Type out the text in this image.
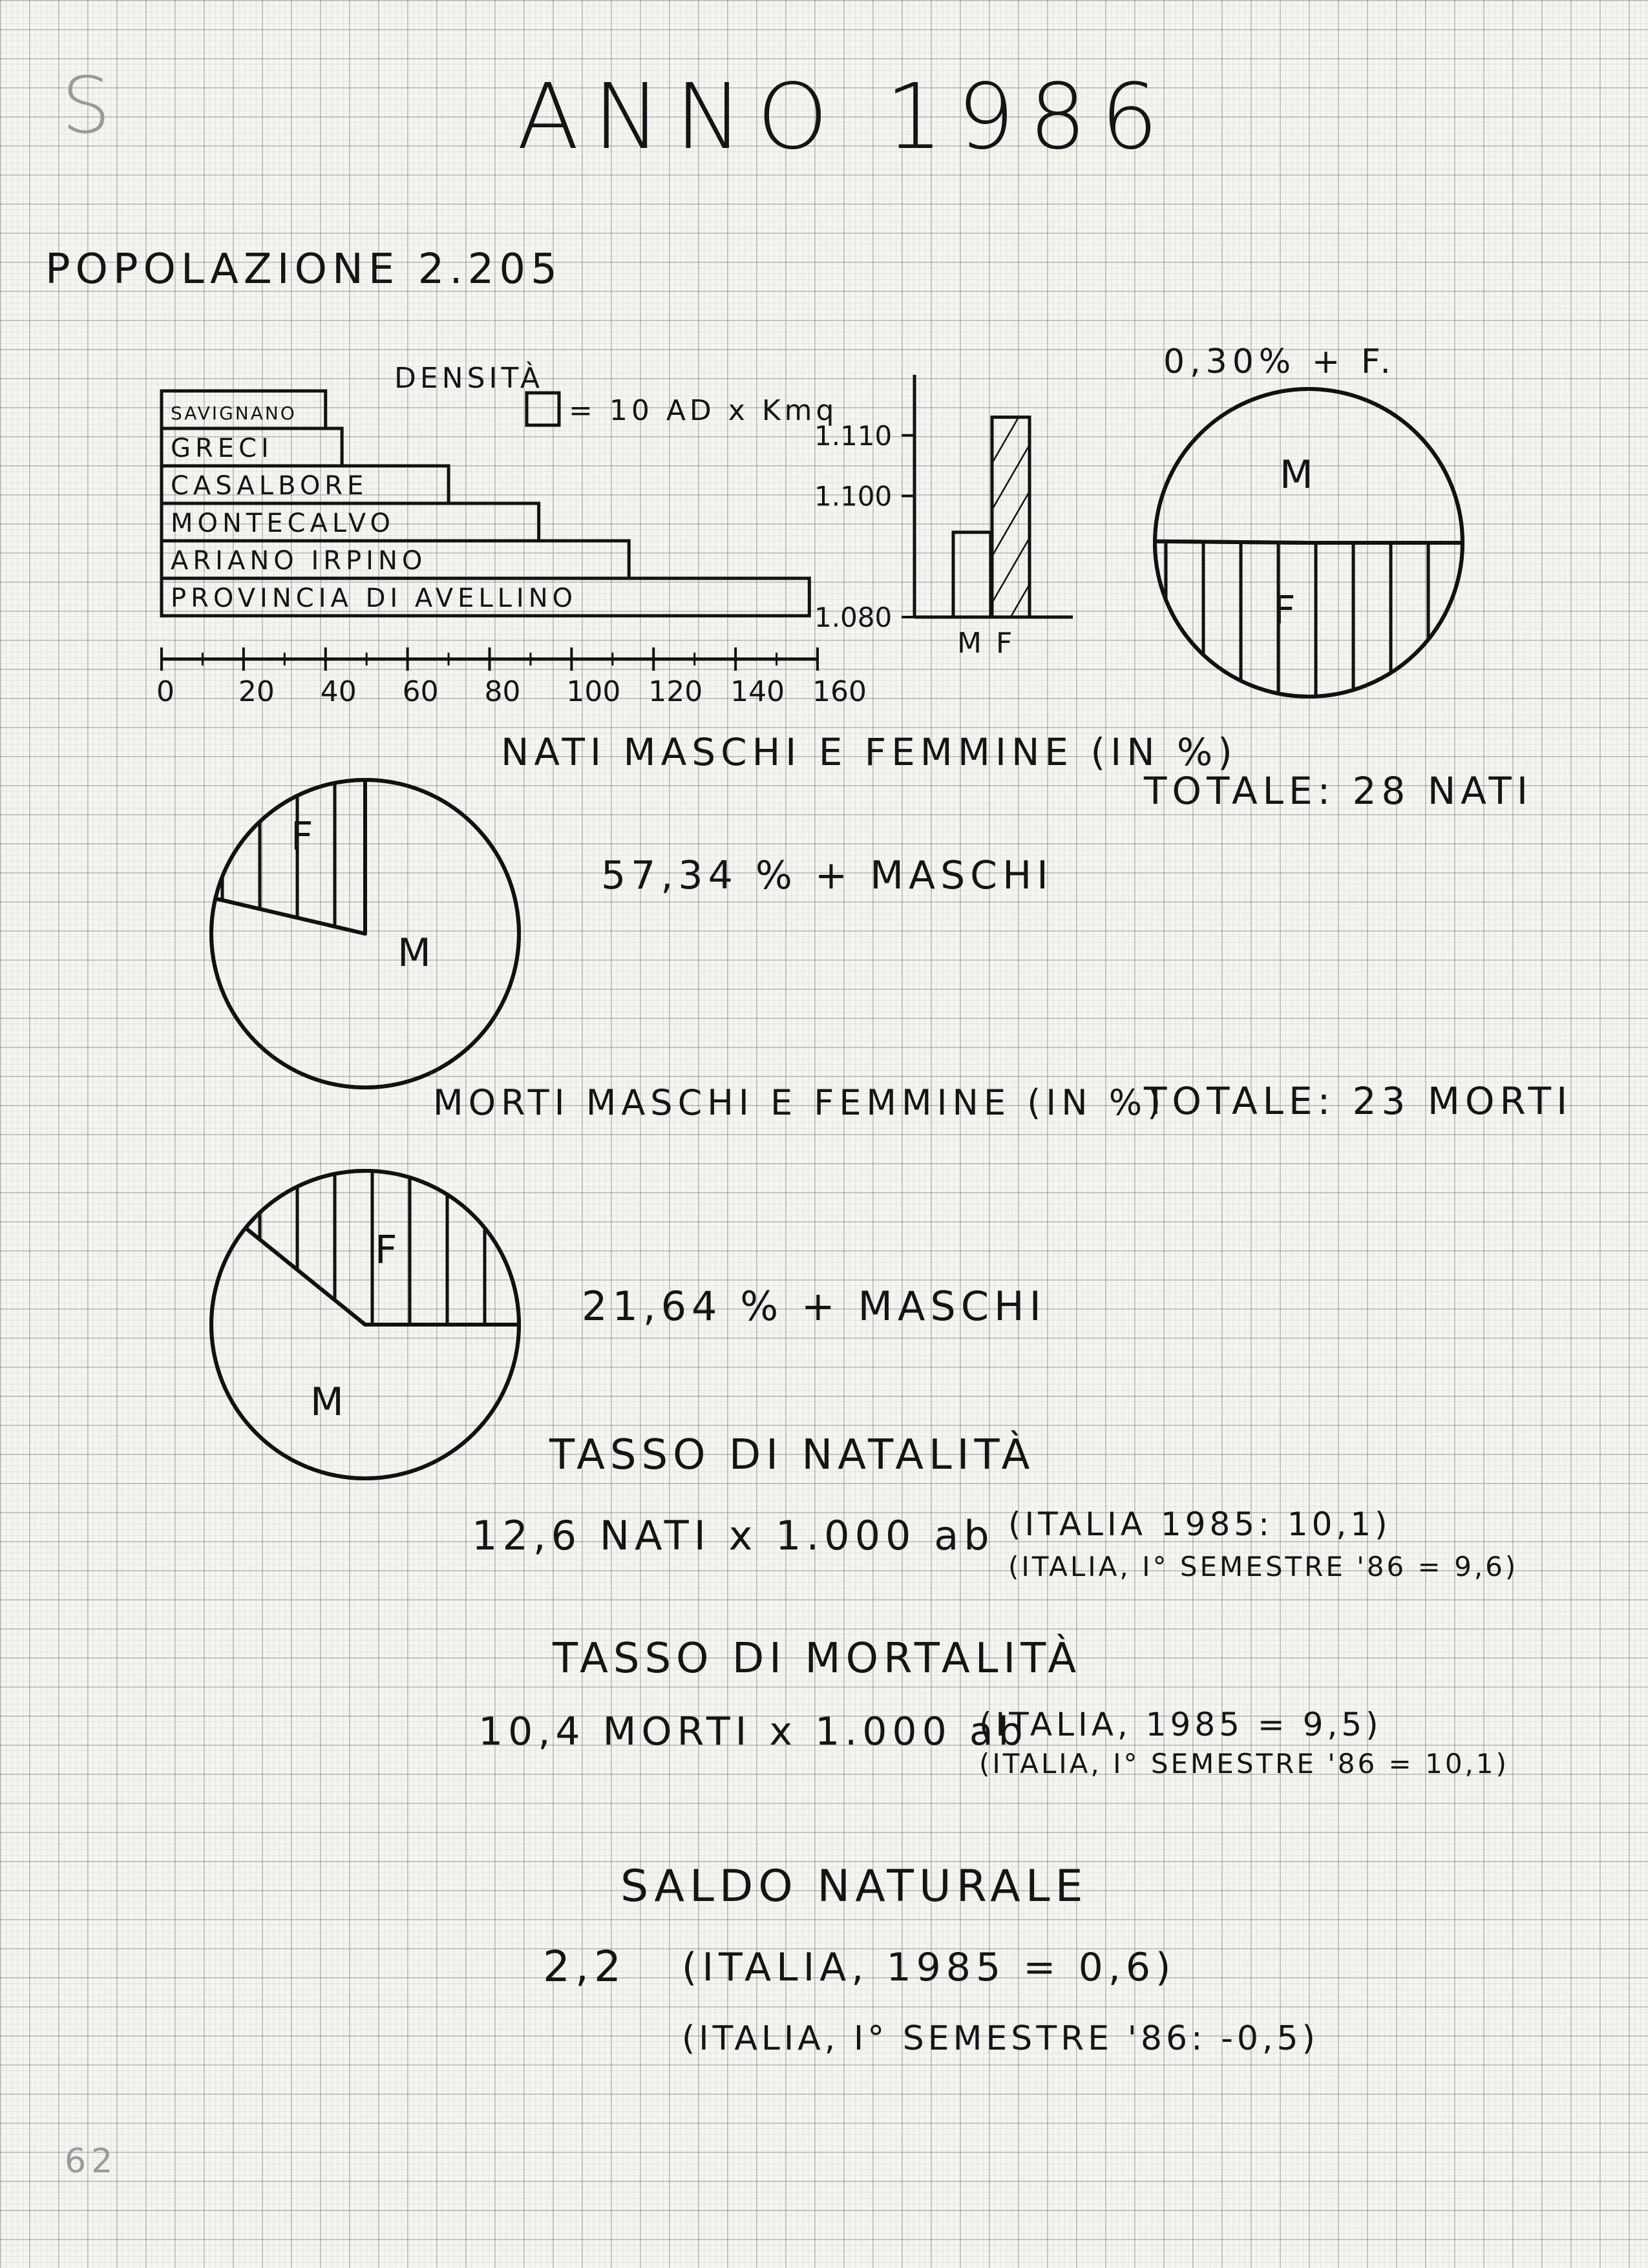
S	ANNO 1986
POPOLAZIONE 2.205
SAVIGNANO
GRECI
CASALBORE
MONTECALVO
ARIANO IRPINO
PROVINCIA DI AVELLINO
0 20 40 60 80 100 120 140 160
DENSITÀ
= 10 AD x Kmq
M F
1.080
1.100
1.110
0,30% + F.
M
F
NATI MASCHI E FEMMINE (IN %)
TOTALE: 28 NATI
M
F
57,34 % + MASCHI
MORTI MASCHI E FEMMINE (IN %)
TOTALE: 23 MORTI
M
F
21,64 % + MASCHI
TASSO DI NATALITÀ
12,6 NATI x 1.000 ab (ITALIA 1985: 10,1)
(ITALIA, I° SEMESTRE '86 = 9,6)
TASSO DI MORTALITÀ
10,4 MORTI x 1.000 ab
(ITALIA, 1985 = 9,5)
(ITALIA, I° SEMESTRE '86 = 10,1)
SALDO NATURALE
2,2 (ITALIA, 1985 = 0,6)
(ITALIA, I° SEMESTRE '86: -0,5)
62
